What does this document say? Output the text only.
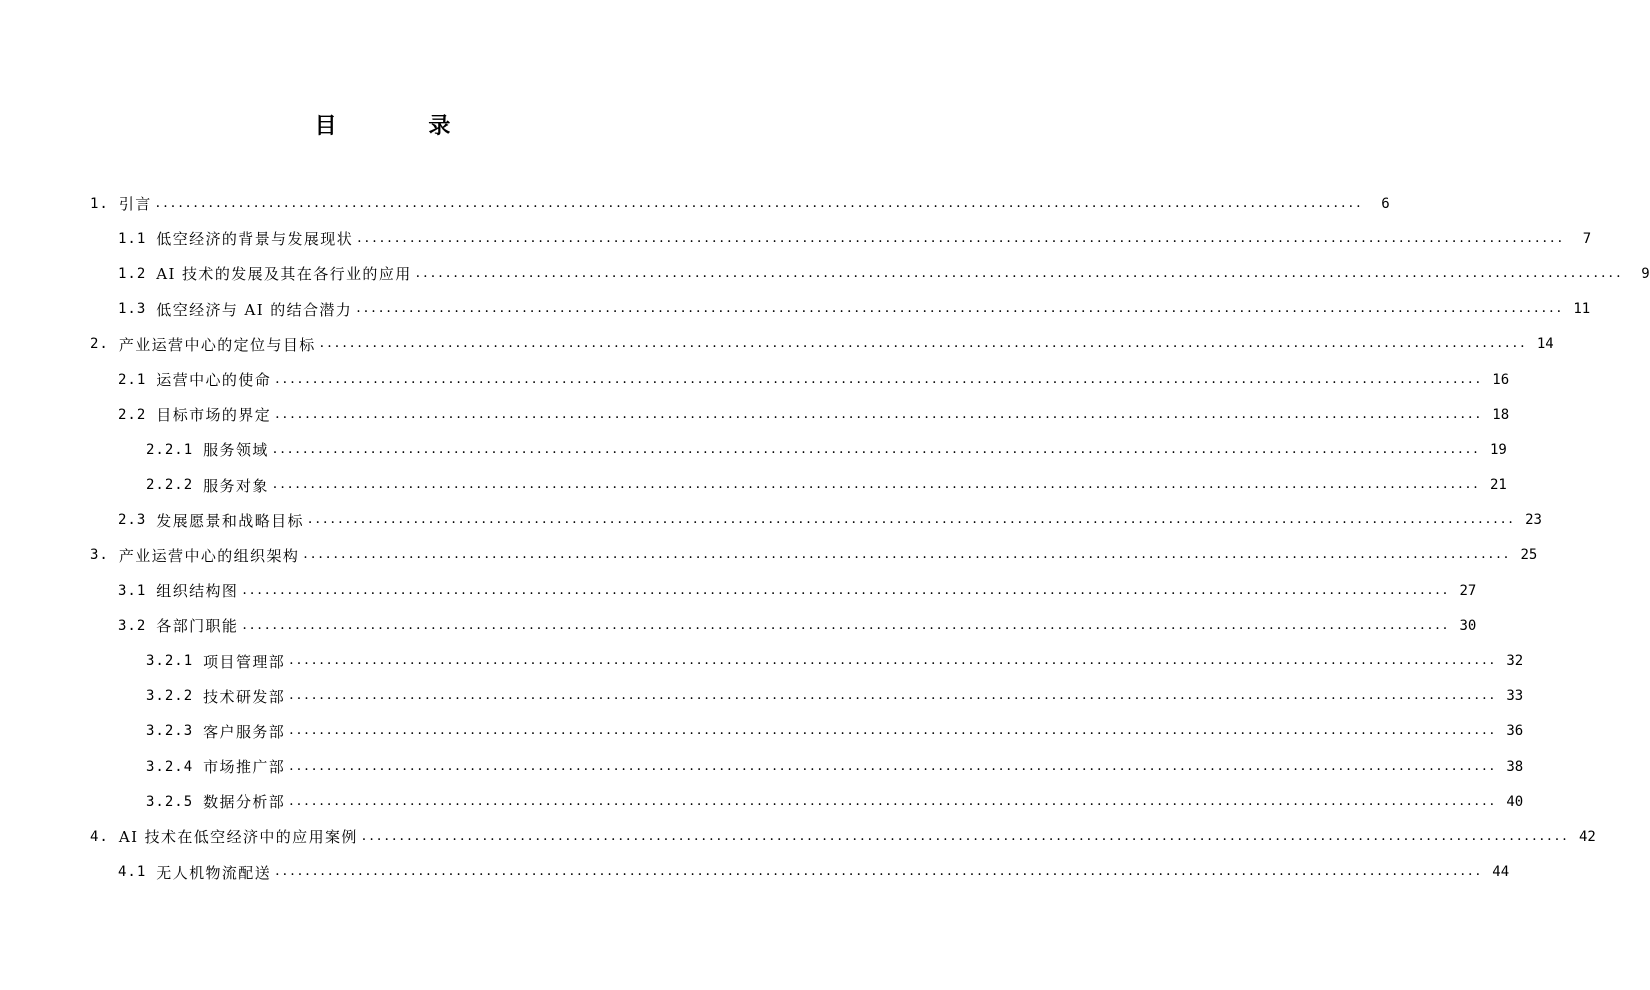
目 录
1. 引言 ................................................................................................................................................................	6
1.1 低空经济的背景与发展现状 ................................................................................................................................................................	7
1.2 AI 技术的发展及其在各行业的应用 ................................................................................................................................................................	9
1.3 低空经济与 AI 的结合潜力 ................................................................................................................................................................ 11
2. 产业运营中心的定位与目标 ................................................................................................................................................................ 14
2.1 运营中心的使命 ................................................................................................................................................................ 16
2.2 目标市场的界定 ................................................................................................................................................................ 18
2.2.1 服务领域 ................................................................................................................................................................ 19
2.2.2 服务对象 ................................................................................................................................................................ 21
2.3 发展愿景和战略目标 ................................................................................................................................................................ 23
3. 产业运营中心的组织架构 ................................................................................................................................................................ 25
3.1 组织结构图 ................................................................................................................................................................ 27
3.2 各部门职能 ................................................................................................................................................................ 30
3.2.1 项目管理部 ................................................................................................................................................................ 32
3.2.2 技术研发部 ................................................................................................................................................................ 33
3.2.3 客户服务部 ................................................................................................................................................................ 36
3.2.4 市场推广部 ................................................................................................................................................................ 38
3.2.5 数据分析部 ................................................................................................................................................................ 40
4. AI 技术在低空经济中的应用案例 ................................................................................................................................................................ 42
4.1 无人机物流配送 ................................................................................................................................................................ 44
